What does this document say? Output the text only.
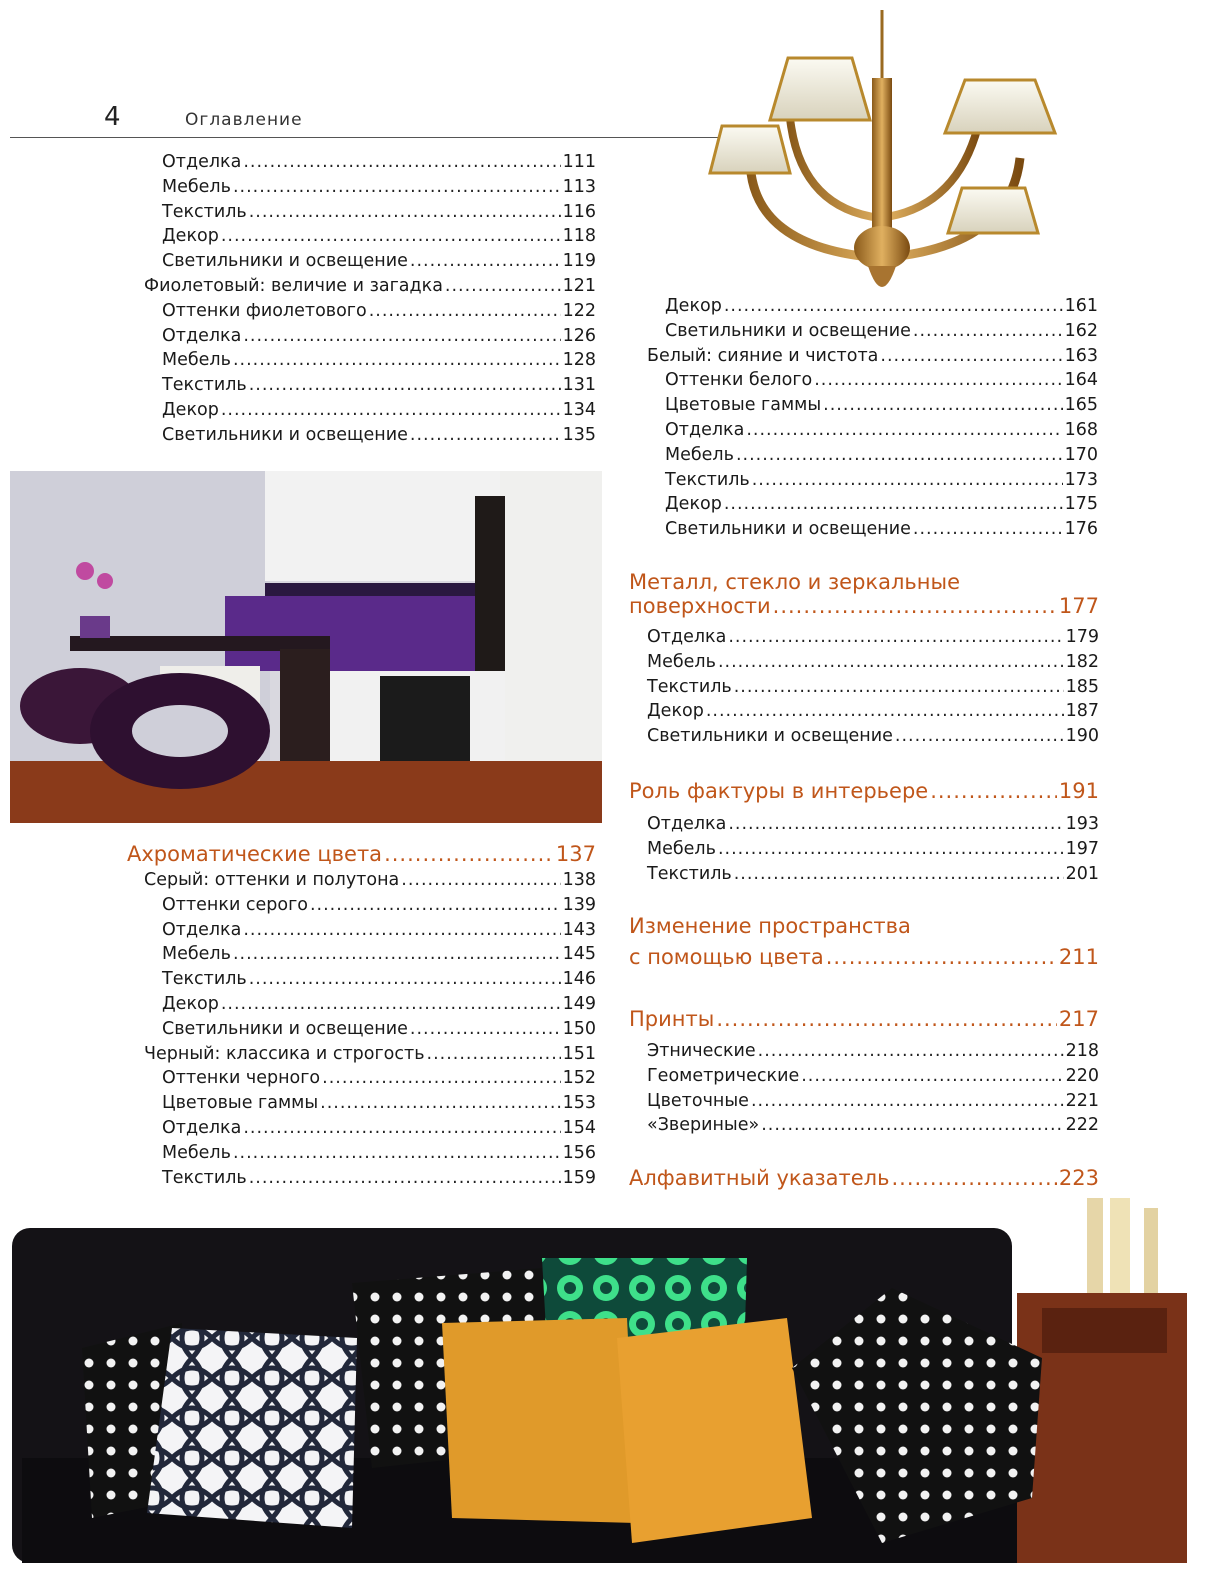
4	Оглавление
Отделка .....	111
Мебель .....	113
Текстиль .....	116
Декор .....	118
Светильники и освещение .....	119
Фиолетовый: величие и загадка .....	121
Оттенки фиолетового .....	122
Отделка .....	126
Мебель .....	128
Текстиль .....	131
Декор .....	134
Светильники и освещение .....	135
Ахроматические цвета .....	137
Серый: оттенки и полутона .....	138
Оттенки серого .....	139
Отделка .....	143
Мебель .....	145
Текстиль .....	146
Декор .....	149
Светильники и освещение .....	150
Черный: классика и строгость .....	151
Оттенки черного .....	152
Цветовые гаммы .....	153
Отделка .....	154
Мебель .....	156
Текстиль .....	159
Декор .....	161
Светильники и освещение .....	162
Белый: сияние и чистота .....	163
Оттенки белого .....	164
Цветовые гаммы .....	165
Отделка .....	168
Мебель .....	170
Текстиль .....	173
Декор .....	175
Светильники и освещение .....	176
Металл, стекло и зеркальные
поверхности .....	177
Отделка .....	179
Мебель .....	182
Текстиль .....	185
Декор .....	187
Светильники и освещение .....	190
Роль фактуры в интерьере .....	191
Отделка .....	193
Мебель .....	197
Текстиль .....	201
Изменение пространства
с помощью цвета .....	211
Принты .....	217
Этнические .....	218
Геометрические .....	220
Цветочные .....	221
«Звериные» .....	222
Алфавитный указатель .....	223
